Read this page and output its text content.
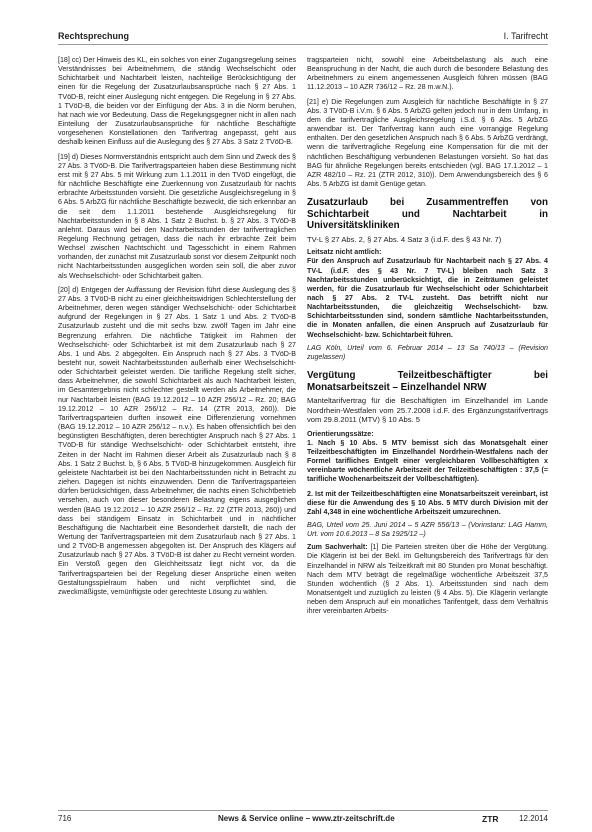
Rechtsprechung	I. Tarifrecht

[18] cc) Der Hinweis des KL, ein solches von einer Zugangsregelung seines Verständnisses bei Arbeitnehmern, die ständig Wechselschicht oder Schichtarbeit und Nachtarbeit leisten, nachteilige Berücksichtigung der einen für die Regelung der Zusatzurlaubsansprüche nach § 27 Abs. 1 TVöD-B, reicht einer Auslegung nicht entgegen. Die Regelung in § 27 Abs. 1 TVöD-B, die beiden vor der Einfügung der Abs. 3 in die Norm beruhen, hat nach wie vor Bedeutung. Dass die Regelungsgegner nicht in allen nach Einteilung der Zusatzurlaubsansprüche für nächtliche Beschäftigte vorgesehenen Konstellationen den Tarifvertrag angepasst, geht aus deshalb keinen Einfluss auf die Auslegung des § 27 Abs. 3 Satz 2 TVöD-B.

[19] d) Dieses Normverständnis entspricht auch dem Sinn und Zweck des § 27 Abs. 3 TVöD-B. Die Tarifvertragsparteien haben diese Bestimmung nicht erst mit § 27 Abs. 5 mit Wirkung zum 1.1.2011 in den TVöD eingefügt, die für nächtliche Beschäftigte eine Zuerkennung von Zusatzurlaub für nachts erbrachte Arbeitsstunden vorsieht. Die gesetzliche Ausgleichsregelung in § 6 Abs. 5 ArbZG für nächtliche Beschäftigte bezweckt, die sich erkennbar an die seit dem 1.1.2011 bestehende Ausgleichsregelung für Nachtarbeitsstunden in § 8 Abs. 1 Satz 2 Buchst. b. § 27 Abs. 3 TVöD-B anlehnt. Daraus wird bei den Nachtarbeitsstunden der tarifvertraglichen Regelung Rechnung getragen, dass die nach ihr erbrachte Zeit beim Wechsel zwischen Nachtschicht und Tagesschicht in einem Rahmen vorhanden, der zunächst mit Zusatzurlaub sonst vor diesem Zeitpunkt noch nicht Nachtarbeitsstunden ausgeglichen worden sein soll, die aber zuvor als Wechselschicht- oder Schichtarbeit galten.

[20] d) Entgegen der Auffassung der Revision führt diese Auslegung des § 27 Abs. 3 TVöD-B nicht zu einer gleichheitswidrigen Schlechterstellung der Arbeitnehmer, deren wegen ständiger Wechselschicht- oder Schichtarbeit aufgrund der Regelungen in § 27 Abs. 1 Satz 1 und Abs. 2 TVöD-B Zusatzurlaub zusteht und die mit sechs bzw. zwölf Tagen im Jahr eine Begrenzung erfahren. Die nächtliche Tätigkeit im Rahmen der Wechselschicht- oder Schichtarbeit ist mit dem Zusatzurlaub nach § 27 Abs. 1 und Abs. 2 abgegolten. Ein Anspruch nach § 27 Abs. 3 TVöD-B besteht nur, soweit Nachtarbeitsstunden außerhalb einer Wechselschicht- oder Schichtarbeit geleistet werden. Die tarifliche Regelung stellt sicher, dass Arbeitnehmer, die sowohl Schichtarbeit als auch Nachtarbeit leisten, im Gesamtergebnis nicht schlechter gestellt werden als Arbeitnehmer, die nur Nachtarbeit leisten (BAG 19.12.2012 – 10 AZR 256/12 – Rz. 20; BAG 19.12.2012 – 10 AZR 256/12 – Rz. 14 (ZTR 2013, 260)). Die Tarifvertragsparteien durften insoweit eine Differenzierung vornehmen (BAG 19.12.2012 – 10 AZR 256/12 – n.v.). Es haben offensichtlich bei den begünstigten Beschäftigten, deren berechtigter Anspruch nach § 27 Abs. 1 TVöD-B für ständige Wechselschicht- oder Schichtarbeit entsteht, ihre Zeiten in der Nacht im Rahmen dieser Arbeit als Zusatzurlaub nach § 8 Abs. 1 Satz 2 Buchst. b, § 6 Abs. 5 TVöD-B hinzugekommen. Ausgleich für geleistete Nachtarbeit ist bei den Nachtarbeitsstunden nicht in Betracht zu ziehen. Dagegen ist nichts einzuwenden. Denn die Tarifvertragsparteien dürfen berücksichtigen, dass Arbeitnehmer, die nachts einen Schichtbetrieb versehen, auch von dieser besonderen Belastung eigens ausgeglichen werden (BAG 19.12.2012 – 10 AZR 256/12 – Rz. 22 (ZTR 2013, 260)) und dass bei ständigem Einsatz in Schichtarbeit und in nächtlicher Beschäftigung die Nachtarbeit eine Besonderheit darstellt, die nach der Wertung der Tarifvertragsparteien mit dem Zusatzurlaub nach § 27 Abs. 1 und 2 TVöD-B angemessen abgegolten ist. Der Anspruch des Klägers auf Zusatzurlaub nach § 27 Abs. 3 TVöD-B ist daher zu Recht verneint worden. Ein Verstoß gegen den Gleichheitssatz liegt nicht vor, da die Tarifvertragsparteien bei der Regelung dieser Ansprüche einen weiten Gestaltungsspielraum haben und nicht verpflichtet sind, die zweckmäßigste, vernünftigste oder gerechteste Lösung zu wählen.

tragsparteien nicht, sowohl eine Arbeitsbelastung als auch eine Beanspruchung in der Nacht, die auch durch die besondere Belastung des Arbeitnehmers zu einem angemessenen Ausgleich führen müssen (BAG 11.12.2013 – 10 AZR 736/12 – Rz. 28 m.w.N.).

[21] e) Die Regelungen zum Ausgleich für nächtliche Beschäftigte in § 27 Abs. 3 TVöD-B i.V.m. § 6 Abs. 5 ArbZG gelten jedoch nur in dem Umfang, in dem die tarifvertragliche Ausgleichsregelung i.S.d. § 6 Abs. 5 ArbZG anwendbar ist. Der Tarifvertrag kann auch eine vorrangige Regelung enthalten. Der den gesetzlichen Anspruch nach § 6 Abs. 5 ArbZG verdrängt, wenn die tarifvertragliche Regelung eine Kompensation für die mit der nächtlichen Beschäftigung verbundenen Belastungen vorsieht. So hat das BAG für ähnliche Regelungen bereits entschieden (vgl. BAG 17.1.2012 – 1 AZR 482/10 – Rz. 21 (ZTR 2012, 310)). Dem Anwendungsbereich des § 6 Abs. 5 ArbZG ist damit Genüge getan.

Zusatzurlaub bei Zusammentreffen von Schichtarbeit und Nachtarbeit in Universitätskliniken
TV-L § 27 Abs. 2, § 27 Abs. 4 Satz 3 (i.d.F. des § 43 Nr. 7)
Leitsatz nicht amtlich:

Für den Anspruch auf Zusatzurlaub für Nachtarbeit nach § 27 Abs. 4 TV-L (i.d.F. des § 43 Nr. 7 TV-L) bleiben nach Satz 3 Nachtarbeitsstunden unberücksichtigt, die in Zeiträumen geleistet werden, für die Zusatzurlaub für Wechselschicht oder Schichtarbeit nach § 27 Abs. 2 TV-L zusteht. Das betrifft nicht nur Nachtarbeitsstunden, die gleichzeitig Wechselschicht- bzw. Schichtarbeitsstunden sind, sondern sämtliche Nachtarbeitsstunden, die in Monaten anfallen, die einen Anspruch auf Zusatzurlaub für Wechselschicht- bzw. Schichtarbeit führen.

LAG Köln, Urteil vom 6. Februar 2014 – 13 Sa 740/13 – (Revision zugelassen)
Vergütung Teilzeitbeschäftigter bei Monatsarbeitszeit – Einzelhandel NRW
Manteltarifvertrag für die Beschäftigten im Einzelhandel im Lande Nordrhein-Westfalen vom 25.7.2008 i.d.F. des Ergänzungstarifvertrags vom 29.8.2011 (MTV) § 10 Abs. 5
Orientierungssätze:

1. Nach § 10 Abs. 5 MTV bemisst sich das Monatsgehalt einer Teilzeitbeschäftigten im Einzelhandel Nordrhein-Westfalens nach der Formel tarifliches Entgelt einer vergleichbaren Vollbeschäftigten x vereinbarte wöchentliche Arbeitszeit der Teilzeitbeschäftigten : 37,5 (= tarifliche Wochenarbeitszeit der Vollbeschäftigten).

2. Ist mit der Teilzeitbeschäftigten eine Monatsarbeitszeit vereinbart, ist diese für die Anwendung des § 10 Abs. 5 MTV durch Division mit der Zahl 4,348 in eine wöchentliche Arbeitszeit umzurechnen.

BAG, Urteil vom 25. Juni 2014 – 5 AZR 556/13 – (Vorinstanz: LAG Hamm, Urt. vom 10.6.2013 – 8 Sa 1925/12 –)

Zum Sachverhalt: [1] Die Parteien streiten über die Höhe der Vergütung. Die Klägerin ist bei der Bekl. im Geltungsbereich des Tarifvertrags für den Einzelhandel in NRW als Teilzeitkraft mit 80 Stunden pro Monat beschäftigt. Nach dem MTV beträgt die regelmäßige wöchentliche Arbeitszeit 37,5 Stunden wöchentlich (§ 2 Abs. 1). Arbeitsstunden sind nach dem Monatsentgelt und zuzüglich zu leisten (§ 4 Abs. 5). Die Klägerin verlangte neben dem Anspruch auf ein monatliches Tarifentgelt, dass dem Verhältnis ihrer vereinbarten Arbeits-

716	News & Service online – www.ztr-zeitschrift.de	ZTR	12.2014
